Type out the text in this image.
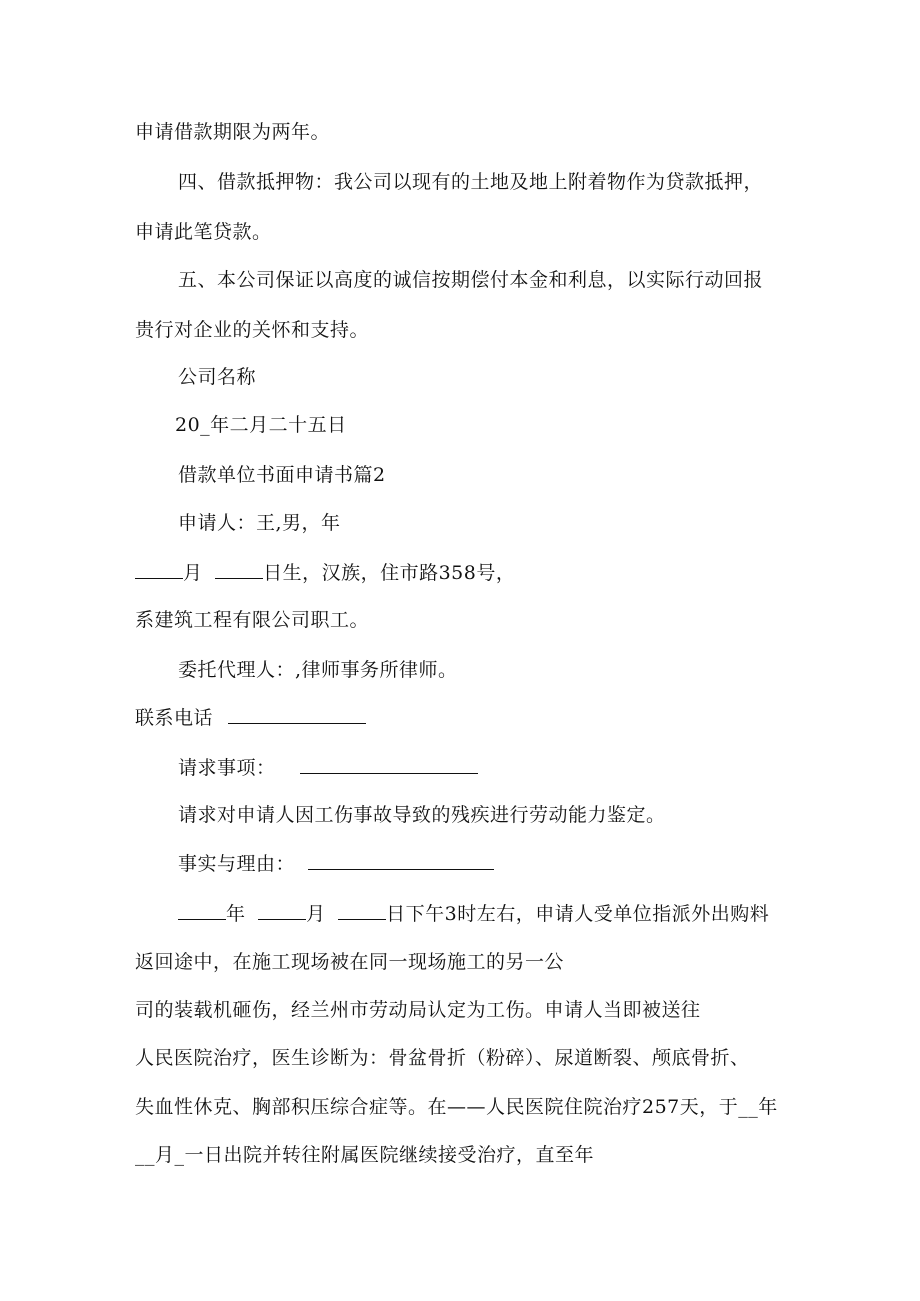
申请借款期限为两年。
四、借款抵押物：我公司以现有的土地及地上附着物作为贷款抵押，
申请此笔贷款。
五、本公司保证以高度的诚信按期偿付本金和利息，以实际行动回报
贵行对企业的关怀和支持。
公司名称
20_年二月二十五日
借款单位书面申请书篇2
申请人：王,男，年
月	日生，汉族，住市路358号，
系建筑工程有限公司职工。
委托代理人：,律师事务所律师。
联系电话
请求事项：
请求对申请人因工伤事故导致的残疾进行劳动能力鉴定。
事实与理由：
年	月	日下午3时左右，申请人受单位指派外出购料
返回途中，在施工现场被在同一现场施工的另一公
司的装载机砸伤，经兰州市劳动局认定为工伤。申请人当即被送往
人民医院治疗，医生诊断为：骨盆骨折（粉碎）、尿道断裂、颅底骨折、
失血性休克、胸部积压综合症等。在——人民医院住院治疗257天，于__年
__月_一日出院并转往附属医院继续接受治疗，直至年
